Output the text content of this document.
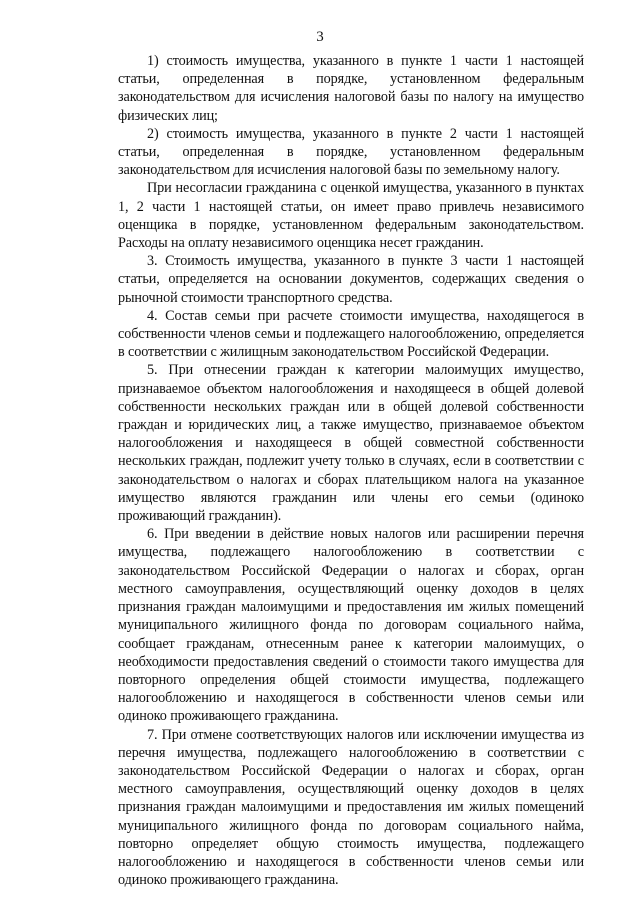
3

1) стоимость имущества, указанного в пункте 1 части 1 настоящей статьи, определенная в порядке, установленном федеральным законодательством для исчисления налоговой базы по налогу на имущество физических лиц;

2) стоимость имущества, указанного в пункте 2 части 1 настоящей статьи, определенная в порядке, установленном федеральным законодательством для исчисления налоговой базы по земельному налогу.

При несогласии гражданина с оценкой имущества, указанного в пунктах 1, 2 части 1 настоящей статьи, он имеет право привлечь независимого оценщика в порядке, установленном федеральным законодательством. Расходы на оплату независимого оценщика несет гражданин.

3. Стоимость имущества, указанного в пункте 3 части 1 настоящей статьи, определяется на основании документов, содержащих сведения о рыночной стоимости транспортного средства.

4. Состав семьи при расчете стоимости имущества, находящегося в собственности членов семьи и подлежащего налогообложению, определяется в соответствии с жилищным законодательством Российской Федерации.

5. При отнесении граждан к категории малоимущих имущество, признаваемое объектом налогообложения и находящееся в общей долевой собственности нескольких граждан или в общей долевой собственности граждан и юридических лиц, а также имущество, признаваемое объектом налогообложения и находящееся в общей совместной собственности нескольких граждан, подлежит учету только в случаях, если в соответствии с законодательством о налогах и сборах плательщиком налога на указанное имущество являются гражданин или члены его семьи (одиноко проживающий гражданин).

6. При введении в действие новых налогов или расширении перечня имущества, подлежащего налогообложению в соответствии с законодательством Российской Федерации о налогах и сборах, орган местного самоуправления, осуществляющий оценку доходов в целях признания граждан малоимущими и предоставления им жилых помещений муниципального жилищного фонда по договорам социального найма, сообщает гражданам, отнесенным ранее к категории малоимущих, о необходимости предоставления сведений о стоимости такого имущества для повторного определения общей стоимости имущества, подлежащего налогообложению и находящегося в собственности членов семьи или одиноко проживающего гражданина.

7. При отмене соответствующих налогов или исключении имущества из перечня имущества, подлежащего налогообложению в соответствии с законодательством Российской Федерации о налогах и сборах, орган местного самоуправления, осуществляющий оценку доходов в целях признания граждан малоимущими и предоставления им жилых помещений муниципального жилищного фонда по договорам социального найма, повторно определяет общую стоимость имущества, подлежащего налогообложению и находящегося в собственности членов семьи или одиноко проживающего гражданина.
